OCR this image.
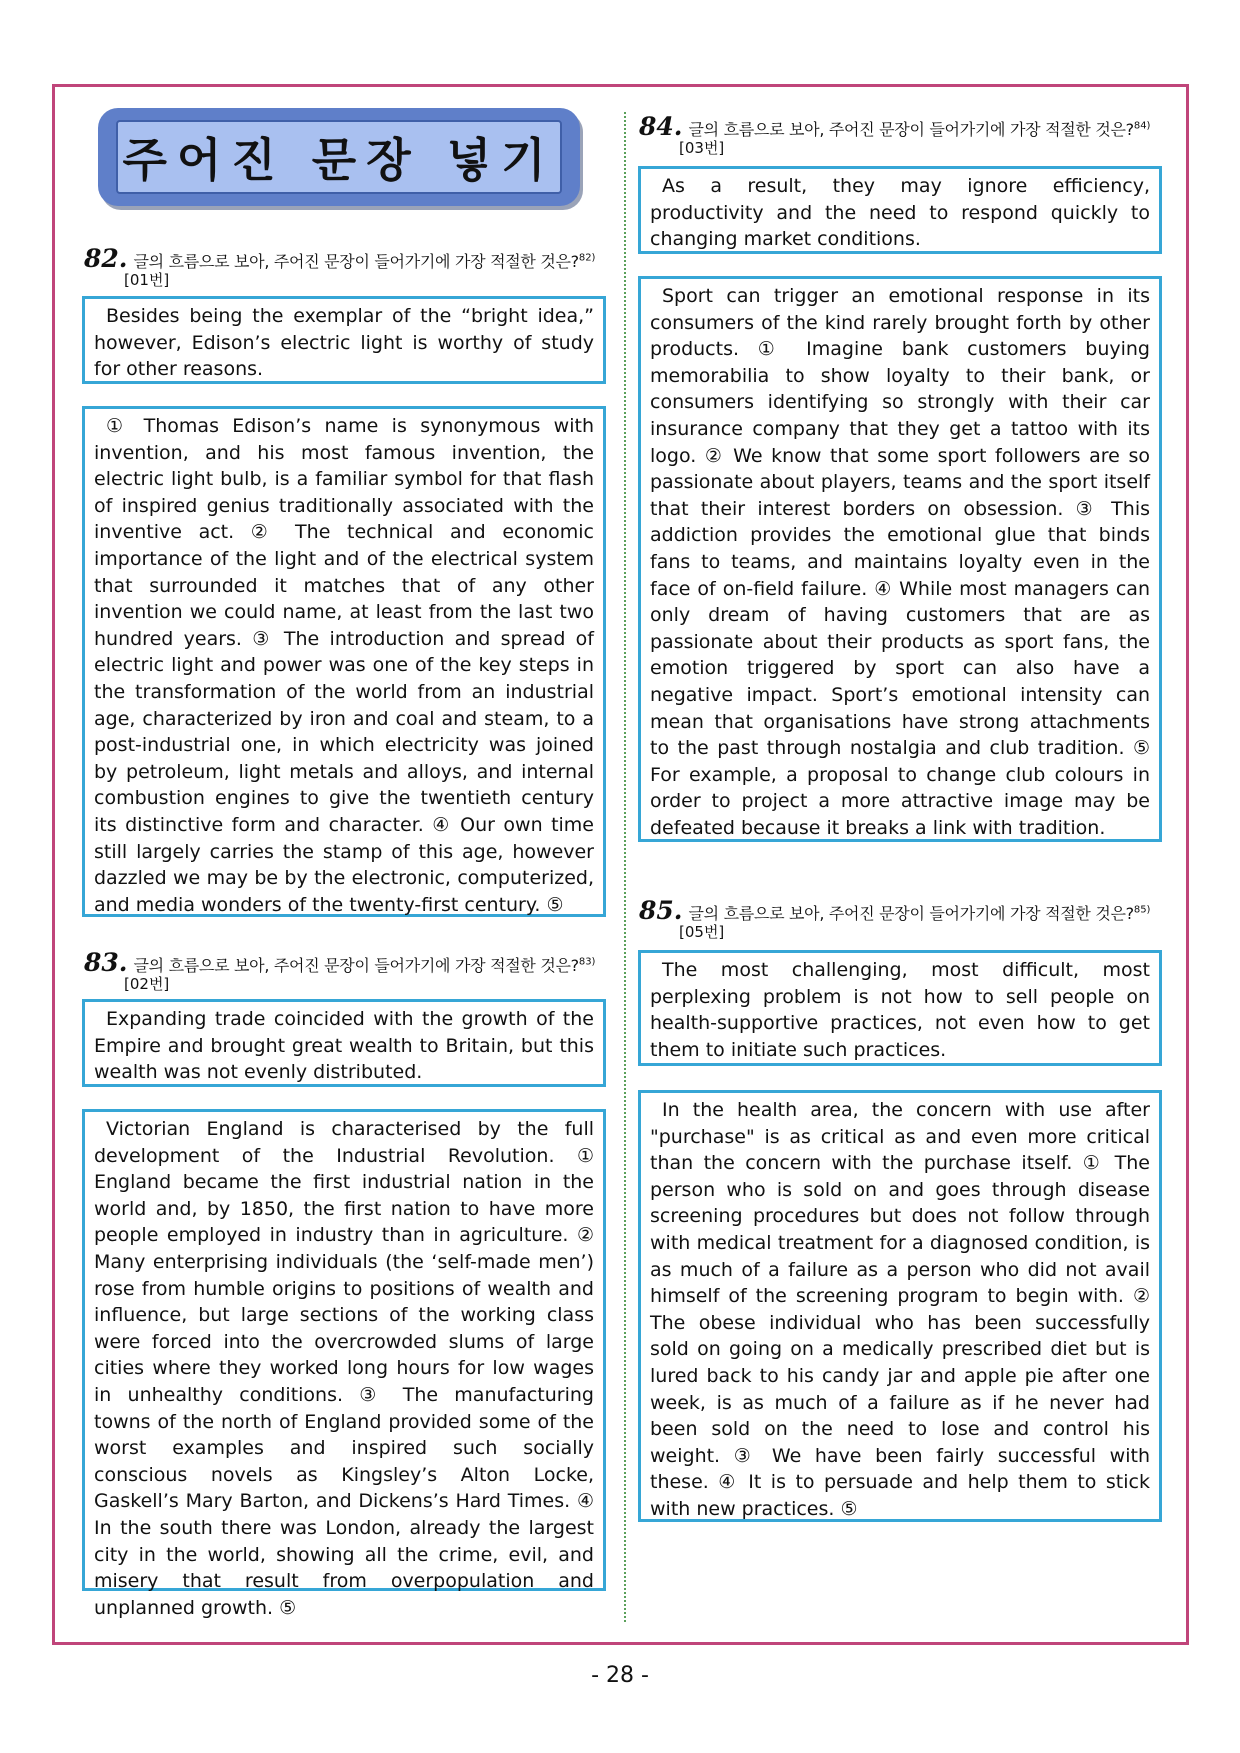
주어진 문장 넣기
82. 글의 흐름으로 보아, 주어진 문장이 들어가기에 가장 적절한 것은?$^{82)}$
[01번]

Besides being the exemplar of the “bright idea,” however, Edison’s electric light is worthy of study for other reasons.

① Thomas Edison’s name is synonymous with invention, and his most famous invention, the electric light bulb, is a familiar symbol for that flash of inspired genius traditionally associated with the inventive act. ② The technical and economic importance of the light and of the electrical system that surrounded it matches that of any other invention we could name, at least from the last two hundred years. ③ The introduction and spread of electric light and power was one of the key steps in the transformation of the world from an industrial age, characterized by iron and coal and steam, to a post-industrial one, in which electricity was joined by petroleum, light metals and alloys, and internal combustion engines to give the twentieth century its distinctive form and character. ④ Our own time still largely carries the stamp of this age, however dazzled we may be by the electronic, computerized, and media wonders of the twenty-first century. ⑤

83. 글의 흐름으로 보아, 주어진 문장이 들어가기에 가장 적절한 것은?$^{83)}$
[02번]

Expanding trade coincided with the growth of the Empire and brought great wealth to Britain, but this wealth was not evenly distributed.

Victorian England is characterised by the full development of the Industrial Revolution. ① England became the first industrial nation in the world and, by 1850, the first nation to have more people employed in industry than in agriculture. ② Many enterprising individuals (the ‘self-made men’) rose from humble origins to positions of wealth and influence, but large sections of the working class were forced into the overcrowded slums of large cities where they worked long hours for low wages in unhealthy conditions. ③ The manufacturing towns of the north of England provided some of the worst examples and inspired such socially conscious novels as Kingsley’s Alton Locke, Gaskell’s Mary Barton, and Dickens’s Hard Times. ④ In the south there was London, already the largest city in the world, showing all the crime, evil, and misery that result from overpopulation and unplanned growth. ⑤

84. 글의 흐름으로 보아, 주어진 문장이 들어가기에 가장 적절한 것은?$^{84)}$
[03번]

As a result, they may ignore efficiency, productivity and the need to respond quickly to changing market conditions.

Sport can trigger an emotional response in its consumers of the kind rarely brought forth by other products. ① Imagine bank customers buying memorabilia to show loyalty to their bank, or consumers identifying so strongly with their car insurance company that they get a tattoo with its logo. ② We know that some sport followers are so passionate about players, teams and the sport itself that their interest borders on obsession. ③ This addiction provides the emotional glue that binds fans to teams, and maintains loyalty even in the face of on-field failure. ④ While most managers can only dream of having customers that are as passionate about their products as sport fans, the emotion triggered by sport can also have a negative impact. Sport’s emotional intensity can mean that organisations have strong attachments to the past through nostalgia and club tradition. ⑤ For example, a proposal to change club colours in order to project a more attractive image may be defeated because it breaks a link with tradition.

85. 글의 흐름으로 보아, 주어진 문장이 들어가기에 가장 적절한 것은?$^{85)}$
[05번]

The most challenging, most difficult, most perplexing problem is not how to sell people on health-supportive practices, not even how to get them to initiate such practices.

In the health area, the concern with use after "purchase" is as critical as and even more critical than the concern with the purchase itself. ① The person who is sold on and goes through disease screening procedures but does not follow through with medical treatment for a diagnosed condition, is as much of a failure as a person who did not avail himself of the screening program to begin with. ② The obese individual who has been successfully sold on going on a medically prescribed diet but is lured back to his candy jar and apple pie after one week, is as much of a failure as if he never had been sold on the need to lose and control his weight. ③ We have been fairly successful with these. ④ It is to persuade and help them to stick with new practices. ⑤

- 28 -
